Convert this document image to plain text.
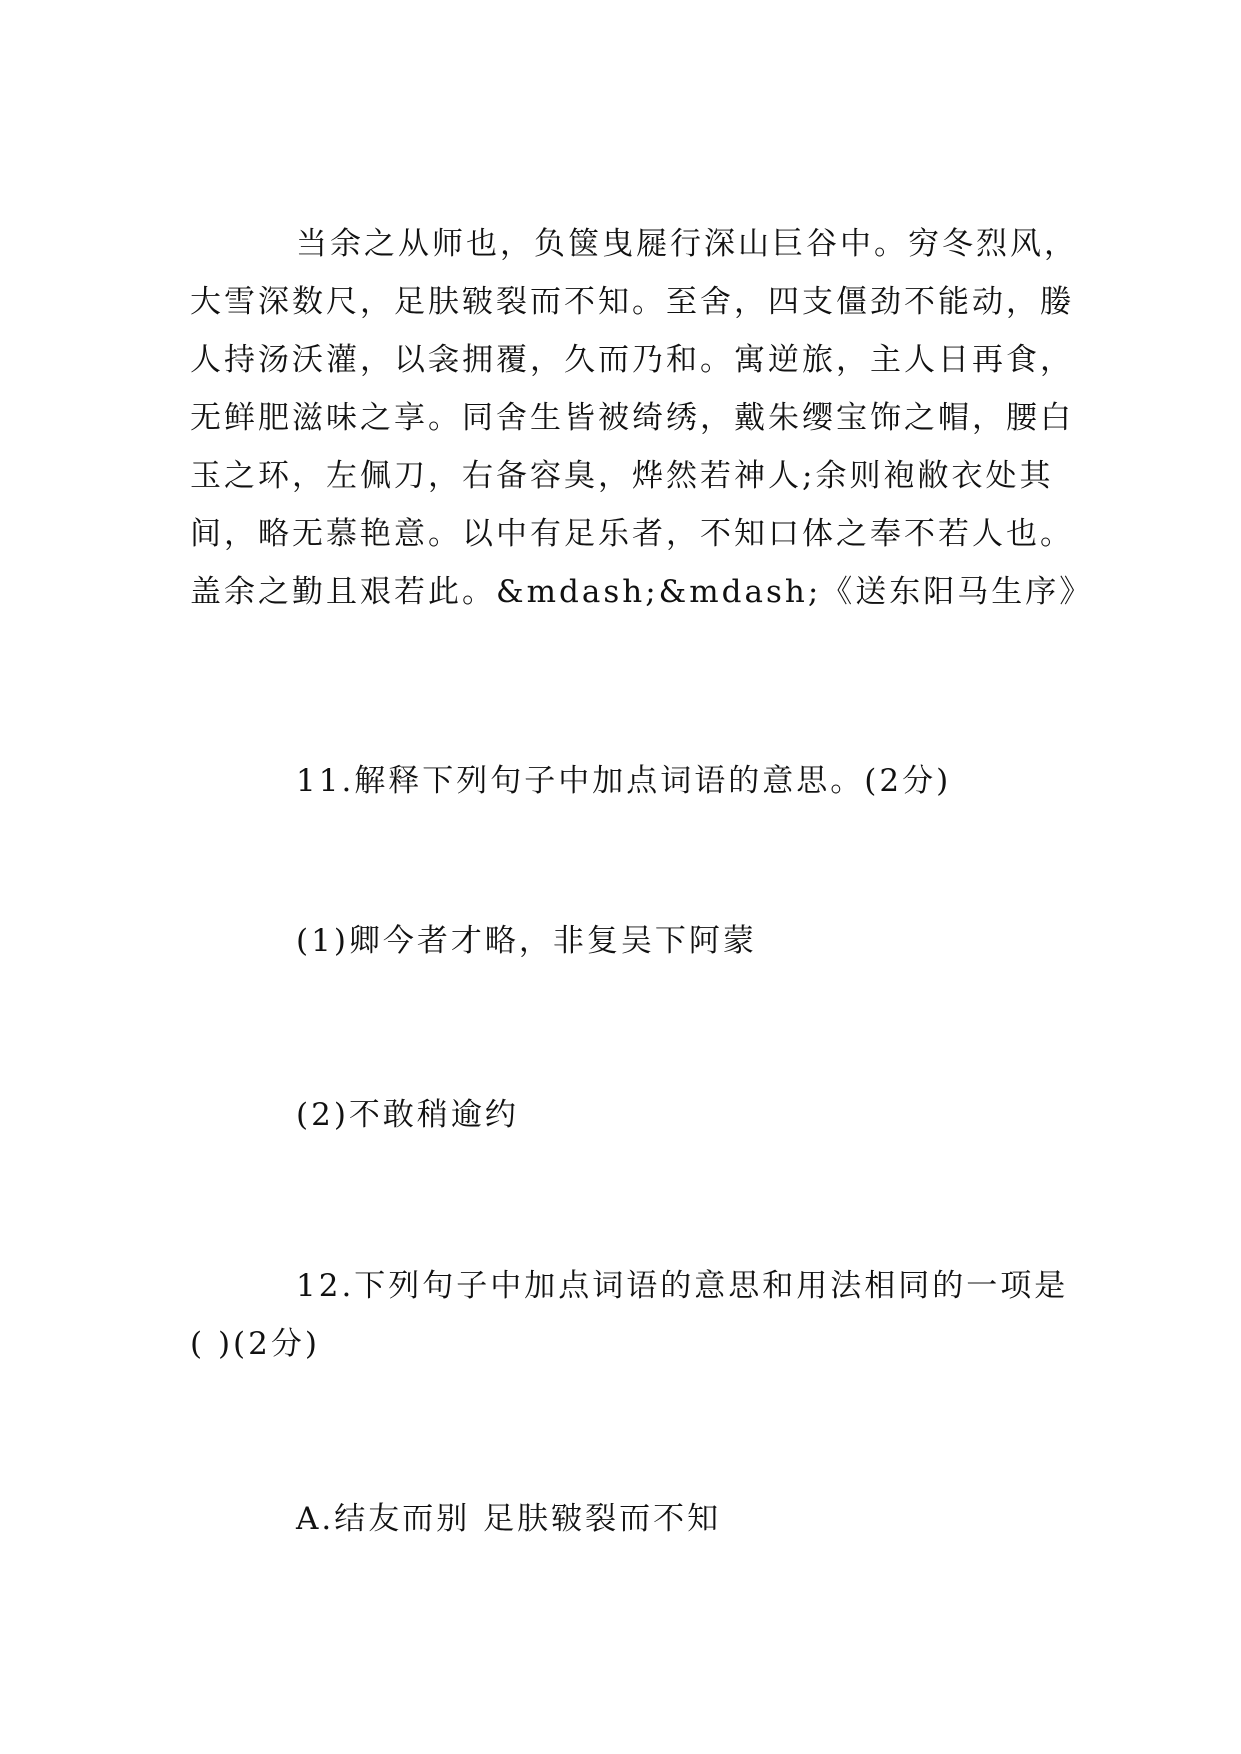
当余之从师也，负箧曳屣行深山巨谷中。穷冬烈风，
大雪深数尺，足肤皲裂而不知。至舍，四支僵劲不能动，媵
人持汤沃灌，以衾拥覆，久而乃和。寓逆旅，主人日再食，
无鲜肥滋味之享。同舍生皆被绮绣，戴朱缨宝饰之帽，腰白
玉之环，左佩刀，右备容臭，烨然若神人;余则袍敝衣处其
间，略无慕艳意。以中有足乐者，不知口体之奉不若人也。
盖余之勤且艰若此。&mdash;&mdash;《送东阳马生序》

11.解释下列句子中加点词语的意思。(2分)

(1)卿今者才略，非复吴下阿蒙

(2)不敢稍逾约

12.下列句子中加点词语的意思和用法相同的一项是
( )(2分)

A.结友而别 足肤皲裂而不知
